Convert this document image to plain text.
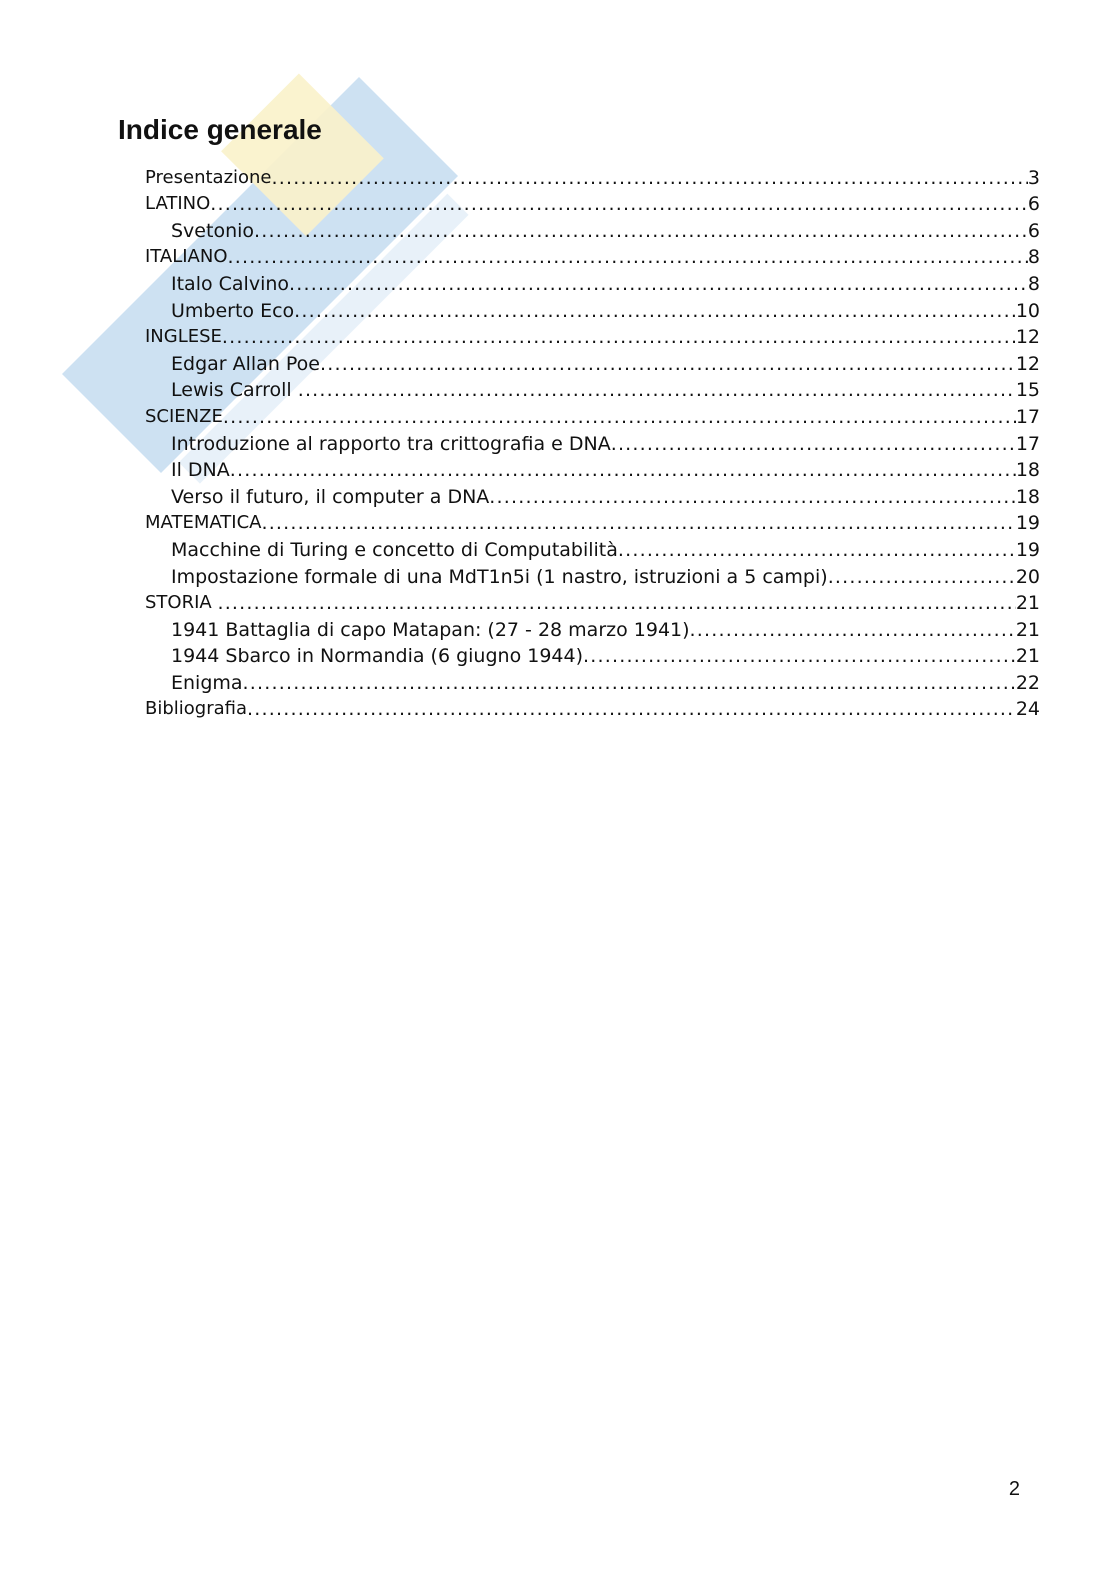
Indice generale
Presentazione .....	3
LATINO .....	6
Svetonio .....	6
ITALIANO .....	8
Italo Calvino .....	8
Umberto Eco .....	10
INGLESE .....	12
Edgar Allan Poe .....	12
Lewis Carroll .....	15
SCIENZE .....	17
Introduzione al rapporto tra crittografia e DNA .....	17
Il DNA .....	18
Verso il futuro, il computer a DNA .....	18
MATEMATICA .....	19
Macchine di Turing e concetto di Computabilità .....	19
Impostazione formale di una MdT1n5i (1 nastro, istruzioni a 5 campi) .....	20
STORIA .....	21
1941 Battaglia di capo Matapan: (27 - 28 marzo 1941) .....	21
1944 Sbarco in Normandia (6 giugno 1944) .....	21
Enigma .....	22
Bibliografia .....	24
2
